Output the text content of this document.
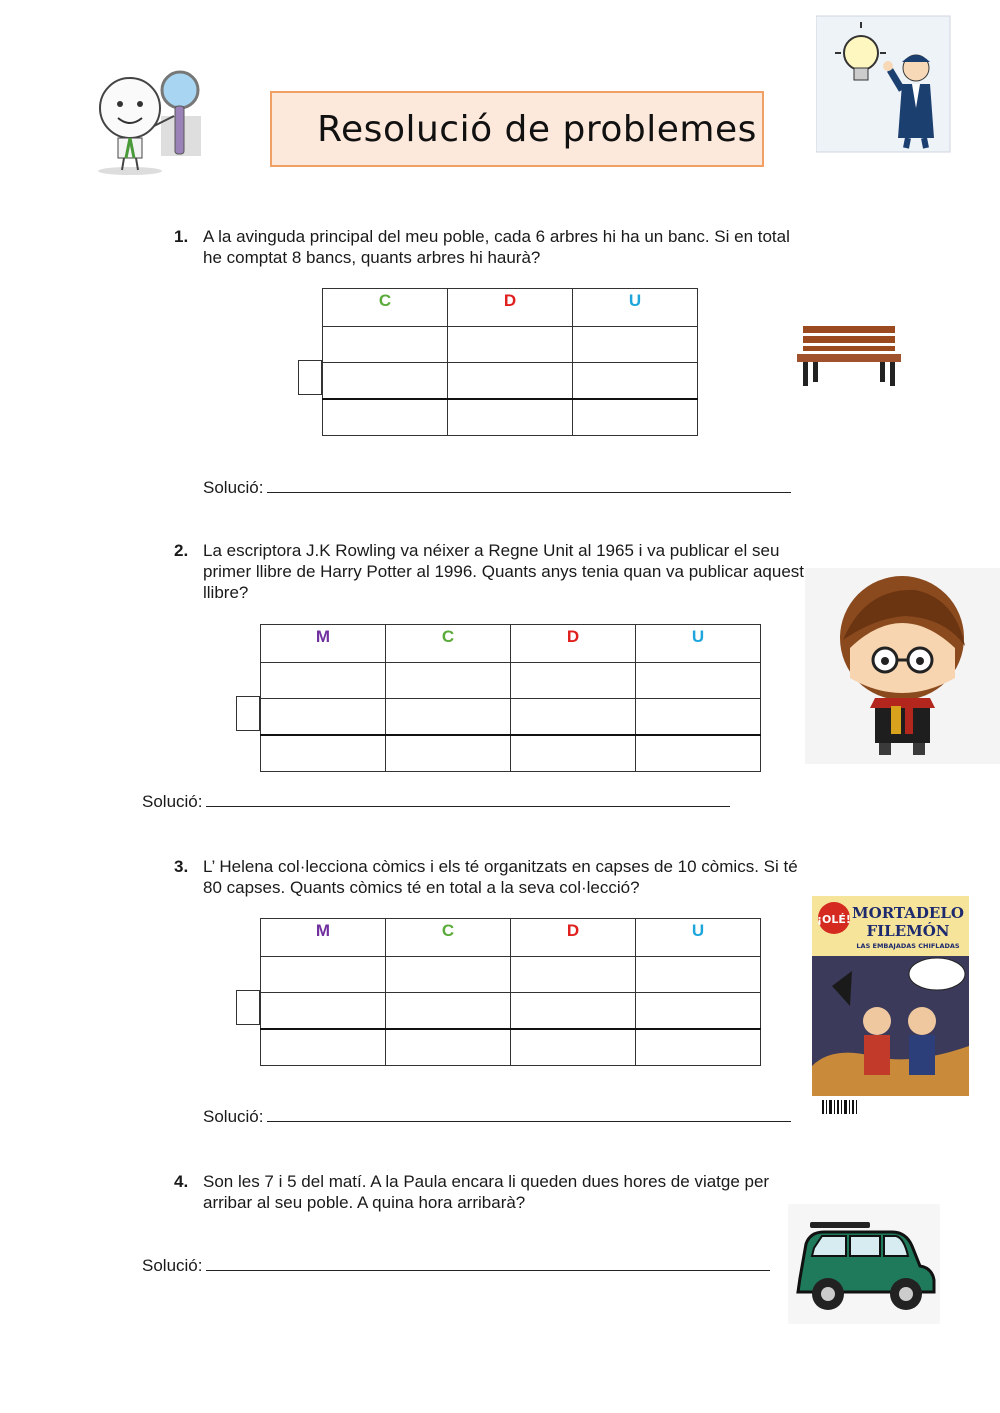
Resolució de problemes
1. A la avinguda principal del meu poble, cada 6 arbres hi ha un banc. Si en total
he comptat 8 bancs, quants arbres hi haurà?
C	D	U

Solució:
2. La escriptora J.K Rowling va néixer a Regne Unit al 1965 i va publicar el seu
primer llibre de Harry Potter al 1996. Quants anys tenia quan va publicar aquest
llibre?
M	C	D	U

Solució:
3. L’ Helena col·lecciona còmics i els té organitzats en capses de 10 còmics. Si té
80 capses. Quants còmics té en total a la seva col·lecció?
M	C	D	U

¡OLÉ! MORTADELO
FILEMÓN
LAS EMBAJADAS CHIFLADAS
Solució:
4. Son les 7 i 5 del matí. A la Paula encara li queden dues hores de viatge per
arribar al seu poble. A quina hora arribarà?
Solució:
